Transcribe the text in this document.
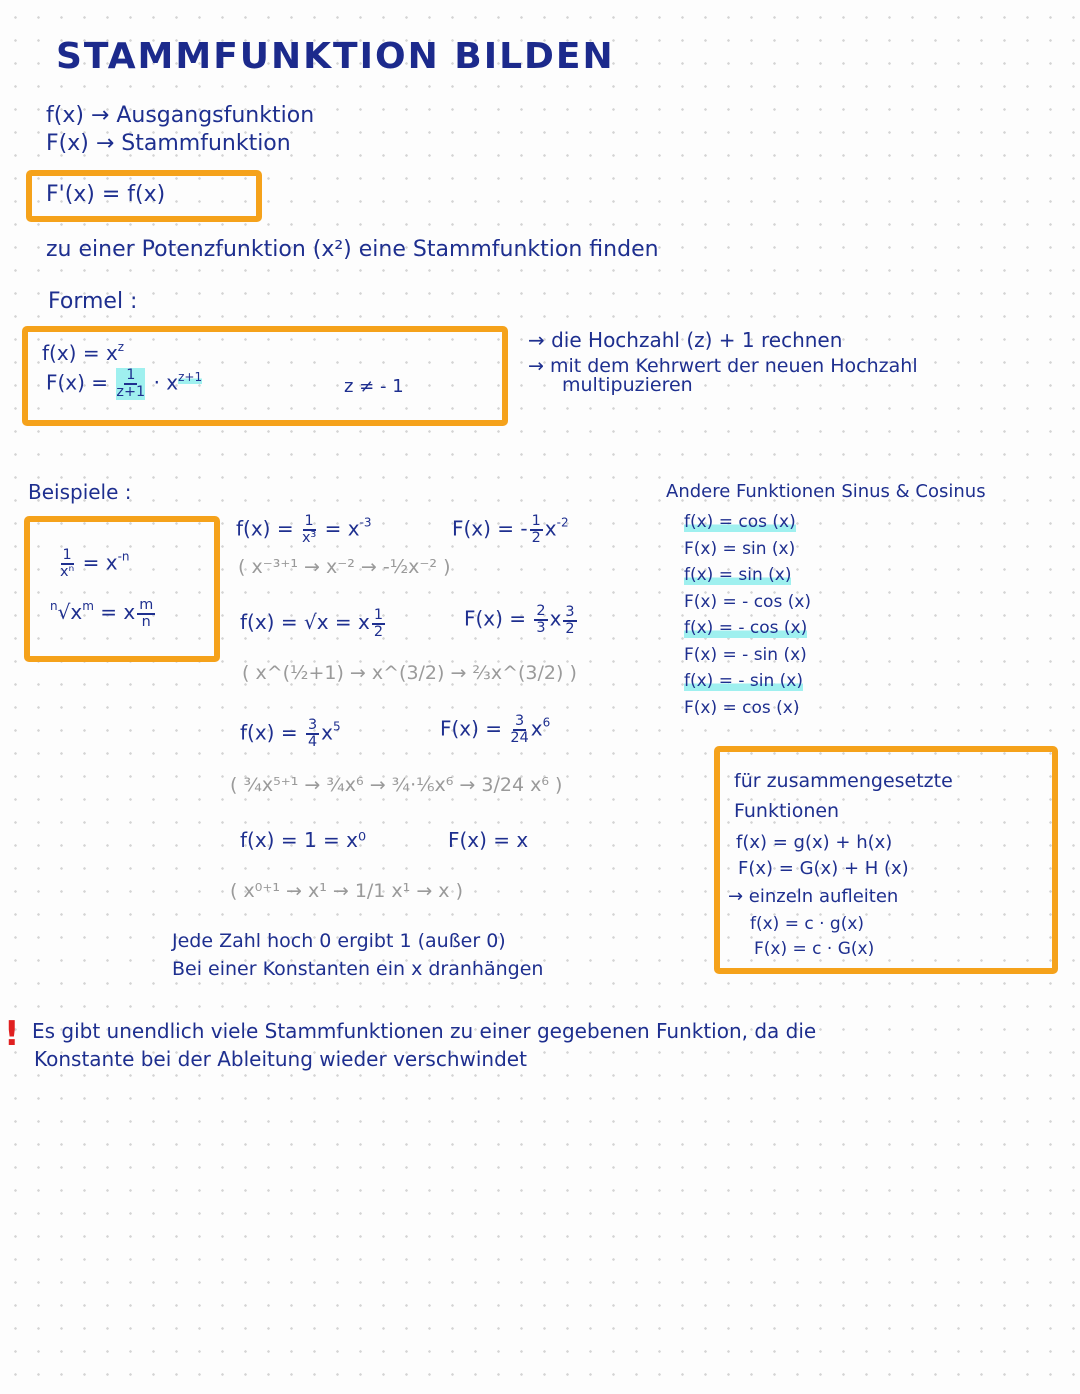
STAMMFUNKTION BILDEN
f(x) → Ausgangsfunktion
F(x) → Stammfunktion
F'(x) = f(x)
zu einer Potenzfunktion (x²) eine Stammfunktion finden
Formel :
$f(x) = x^z$
$F(x) = \frac{1}{z+1} \cdot x^{z+1}$	z ≠ - 1
→ die Hochzahl (z) + 1 rechnen
→ mit dem Kehrwert der neuen Hochzahl
multipuzieren
Beispiele :
$\frac{1}{\text{xⁿ}} = x^{-n}$
$^n√x^m = x \frac{m}{n}$
$f(x) = \frac{1}{\text{x³}} = x^{-3}$	F(x) = - $\frac{1}{2} x^{-2}$
( x⁻³⁺¹ → x⁻² → -½x⁻² )
f(x) = √x = x $\frac{1}{2}$	$F(x) = \frac{2}{3}$ x $\frac{3}{2}$
( x^(½+1) → x^(3/2) → ⅔x^(3/2) )
$f(x) = \frac{3}{4} x^5$	$F(x) = \frac{3}{24} x^6$
( ¾x⁵⁺¹ → ¾x⁶ → ¾·⅙x⁶ → 3/24 x⁶ )
f(x) = 1 = x⁰	F(x) = x
( x⁰⁺¹ → x¹ → 1/1 x¹ → x )
Jede Zahl hoch 0 ergibt 1 (außer 0)
Bei einer Konstanten ein x dranhängen
Andere Funktionen Sinus & Cosinus
f(x) = cos (x)
F(x) = sin (x)
f(x) = sin (x)
F(x) = - cos (x)
f(x) = - cos (x)
F(x) = - sin (x)
f(x) = - sin (x)
F(x) = cos (x)
für zusammengesetzte
Funktionen
f(x) = g(x) + h(x)
F(x) = G(x) + H (x)
→ einzeln aufleiten
f(x) = c · g(x)
F(x) = c · G(x)
! Es gibt unendlich viele Stammfunktionen zu einer gegebenen Funktion, da die
Konstante bei der Ableitung wieder verschwindet
